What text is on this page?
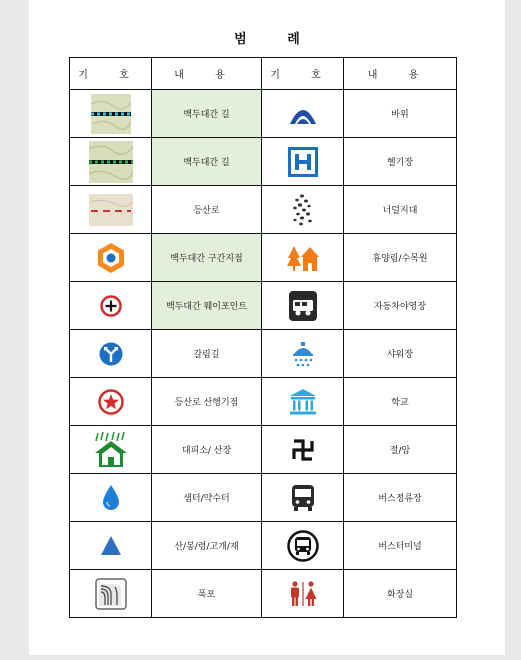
범 례
기 호	내 용	기 호	내 용

	백두대간 길		바위

	백두대간 길		헬기장

	등산로		너덜지대

	백두대간 구간지점		휴양림/수목원

	백두대간 웨이포인트		자동차야영장

	갈림길		샤워장

	등산로 산행기점		학교

	대피소/ 산장		절/암

	샘터/약수터		버스정류장

	산/봉/령/고개/재		버스터미널

	폭포		화장실
